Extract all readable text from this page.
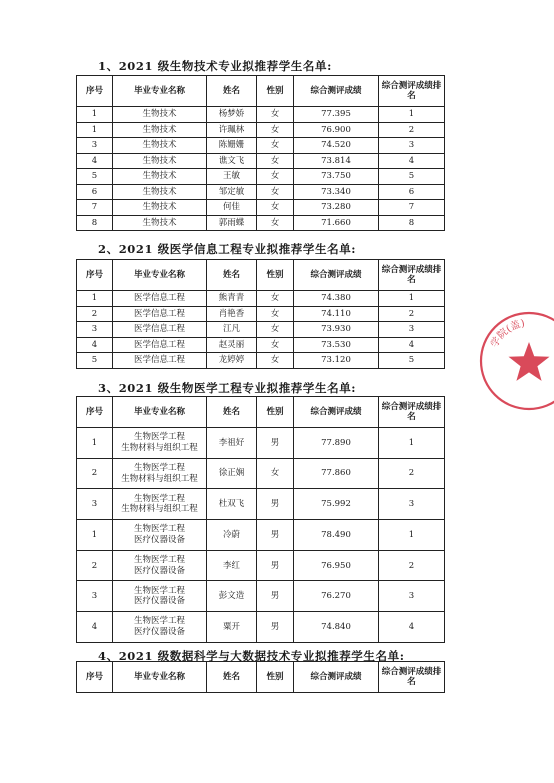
1、2021 级生物技术专业拟推荐学生名单:
序号	毕业专业名称	姓名	性别	综合测评成绩	综合测评成绩排名
1	生物技术	杨梦娇	女	77.395	1
1	生物技术	许珮林	女	76.900	2
3	生物技术	陈姗姗	女	74.520	3
4	生物技术	谯文飞	女	73.814	4
5	生物技术	王敏	女	73.750	5
6	生物技术	邹定敏	女	73.340	6
7	生物技术	何佳	女	73.280	7
8	生物技术	郭雨蝶	女	71.660	8
2、2021 级医学信息工程专业拟推荐学生名单:
序号	毕业专业名称	姓名	性别	综合测评成绩	综合测评成绩排名
1	医学信息工程	熊青青	女	74.380	1
2	医学信息工程	肖艳香	女	74.110	2
3	医学信息工程	江凡	女	73.930	3
4	医学信息工程	赵灵丽	女	73.530	4
5	医学信息工程	龙婷婷	女	73.120	5
3、2021 级生物医学工程专业拟推荐学生名单:
序号	毕业专业名称	姓名	性别	综合测评成绩	综合测评成绩排名
1	生物医学工程
生物材料与组织工程	李祖好	男	77.890	1
2	生物医学工程
生物材料与组织工程	徐正娴	女	77.860	2
3	生物医学工程
生物材料与组织工程	杜双飞	男	75.992	3
1	生物医学工程
医疗仪器设备	冷蔚	男	78.490	1
2	生物医学工程
医疗仪器设备	李红	男	76.950	2
3	生物医学工程
医疗仪器设备	彭文造	男	76.270	3
4	生物医学工程
医疗仪器设备	粟开	男	74.840	4
4、2021 级数据科学与大数据技术专业拟推荐学生名单:
序号	毕业专业名称	姓名	性别	综合测评成绩	综合测评成绩排名
学院(盖)
